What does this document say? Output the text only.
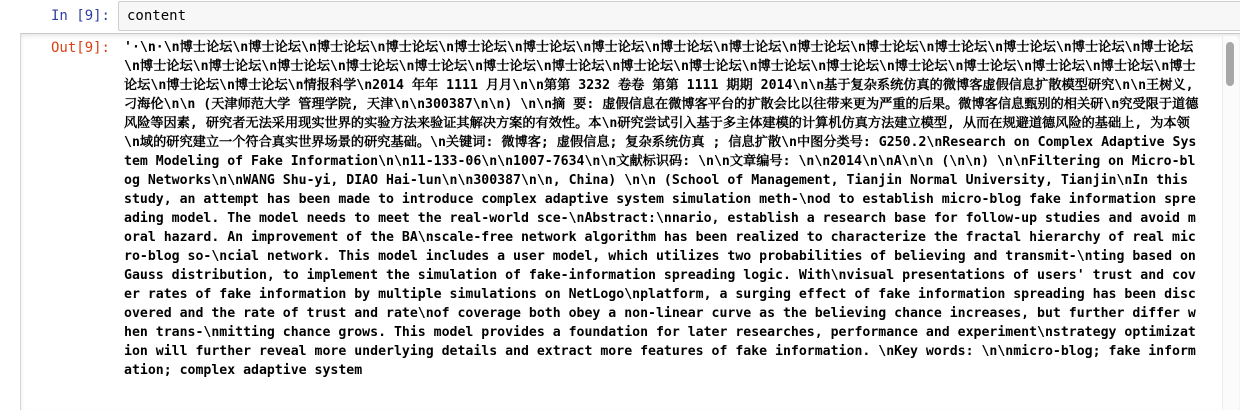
In [9]: content
Out[9]: '·\n·\n博士论坛\n博士论坛\n博士论坛\n博士论坛\n博士论坛\n博士论坛\n博士论坛\n博士论坛\n博士论坛\n博士论坛\n博士论坛\n博士论坛\n博士论坛\n博士论坛\n博士论坛\n博士论坛\n博士论坛\n博士论坛\n博士论坛\n博士论坛\n博士论坛\n博士论坛\n博士论坛\n博士论坛\n博士论坛\n博士论坛\n博士论坛\n博士论坛\n博士论坛\n博士论坛\n博士论坛\n博士论坛\n博士论坛\n情报科学\n2014 年年 1111 月月\n\n第第 3232 卷卷 第第 1111 期期 2014\n\n基于复杂系统仿真的微博客虚假信息扩散模型研究\n\n王树义, 刁海伦\n\n (天津师范大学 管理学院, 天津\n\n300387\n\n) \n\n摘 要: 虚假信息在微博客平台的扩散会比以往带来更为严重的后果。微博客信息甄别的相关研\n究受限于道德风险等因素, 研究者无法采用现实世界的实验方法来验证其解决方案的有效性。本\n研究尝试引入基于多主体建模的计算机仿真方法建立模型, 从而在规避道德风险的基础上, 为本领\n域的研究建立一个符合真实世界场景的研究基础。\n关键词: 微博客; 虚假信息; 复杂系统仿真 ; 信息扩散\n中图分类号: G250.2\nResearch on Complex Adaptive System Modeling of Fake Information\n\n11-133-06\n\n1007-7634\n\n文献标识码: \n\n文章编号: \n\n2014\n\nA\n\n (\n\n) \n\nFiltering on Micro-blog Networks\n\nWANG Shu-yi, DIAO Hai-lun\n\n300387\n\n, China) \n\n (School of Management, Tianjin Normal University, Tianjin\nIn this study, an attempt has been made to introduce complex adaptive system simulation meth‐\nod to establish micro-blog fake information spreading model. The model needs to meet the real-world sce‐\nAbstract:\nnario, establish a research base for follow-up studies and avoid moral hazard. An improvement of the BA\nscale-free network algorithm has been realized to characterize the fractal hierarchy of real micro-blog so‐\ncial network. This model includes a user model, which utilizes two probabilities of believing and transmit‐\nting based on Gauss distribution, to implement the simulation of fake-information spreading logic. With\nvisual presentations of users' trust and cover rates of fake information by multiple simulations on NetLogo\nplatform, a surging effect of fake information spreading has been discovered and the rate of trust and rate\nof coverage both obey a non-linear curve as the believing chance increases, but further differ when trans‐\nmitting chance grows. This model provides a foundation for later researches, performance and experiment\nstrategy optimization will further reveal more underlying details and extract more features of fake information. \nKey words: \n\nmicro-blog; fake information; complex adaptive system
